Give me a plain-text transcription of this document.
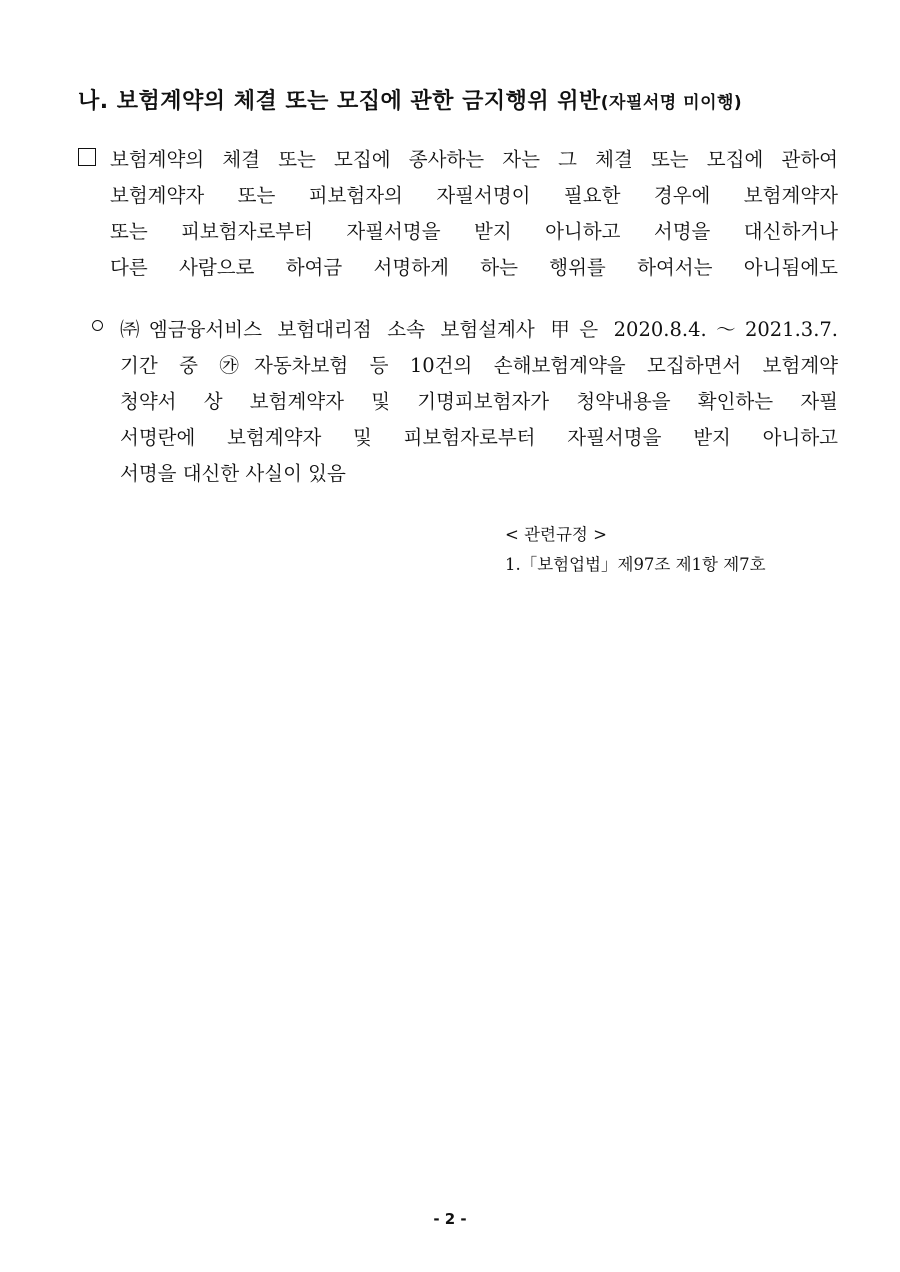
나. 보험계약의 체결 또는 모집에 관한 금지행위 위반(자필서명 미이행)
보험계약의 체결 또는 모집에 종사하는 자는 그 체결 또는 모집에 관하여
보험계약자 또는 피보험자의 자필서명이 필요한 경우에 보험계약자
또는 피보험자로부터 자필서명을 받지 아니하고 서명을 대신하거나
다른 사람으로 하여금 서명하게 하는 행위를 하여서는 아니됨에도
㈜엠금융서비스 보험대리점 소속 보험설계사 甲은 2020.8.4.～2021.3.7.
기간 중 ㉮자동차보험 등 10건의 손해보험계약을 모집하면서 보험계약
청약서 상 보험계약자 및 기명피보험자가 청약내용을 확인하는 자필
서명란에 보험계약자 및 피보험자로부터 자필서명을 받지 아니하고
서명을 대신한 사실이 있음
< 관련규정 >
1.「보험업법」제97조 제1항 제7호
- 2 -
